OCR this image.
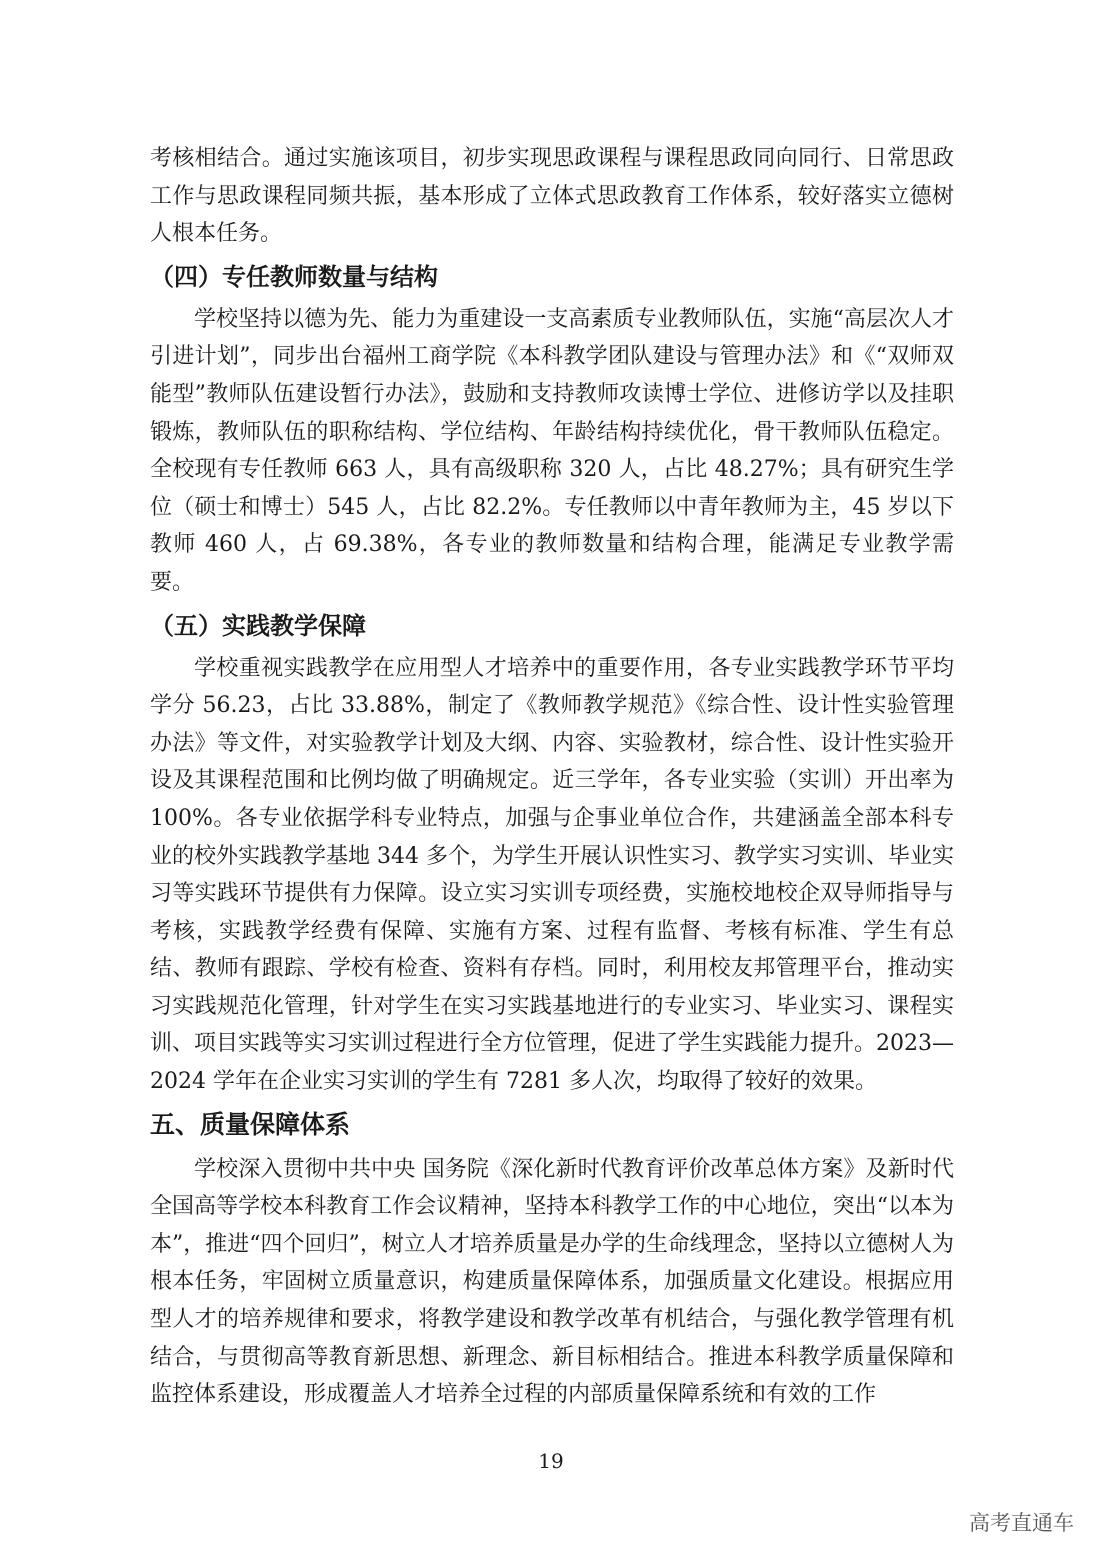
考核相结合。通过实施该项目，初步实现思政课程与课程思政同向同行、日常思政工作与思政课程同频共振，基本形成了立体式思政教育工作体系，较好落实立德树人根本任务。

（四）专任教师数量与结构

学校坚持以德为先、能力为重建设一支高素质专业教师队伍，实施“高层次人才引进计划”，同步出台福州工商学院《本科教学团队建设与管理办法》和《“双师双能型”教师队伍建设暂行办法》，鼓励和支持教师攻读博士学位、进修访学以及挂职锻炼，教师队伍的职称结构、学位结构、年龄结构持续优化，骨干教师队伍稳定。全校现有专任教师 663 人，具有高级职称 320 人，占比 48.27%；具有研究生学位（硕士和博士）545 人，占比 82.2%。专任教师以中青年教师为主，45 岁以下教师 460 人，占 69.38%，各专业的教师数量和结构合理，能满足专业教学需要。

（五）实践教学保障

学校重视实践教学在应用型人才培养中的重要作用，各专业实践教学环节平均学分 56.23，占比 33.88%，制定了《教师教学规范》《综合性、设计性实验管理办法》等文件，对实验教学计划及大纲、内容、实验教材，综合性、设计性实验开设及其课程范围和比例均做了明确规定。近三学年，各专业实验（实训）开出率为 100%。各专业依据学科专业特点，加强与企事业单位合作，共建涵盖全部本科专业的校外实践教学基地 344 多个，为学生开展认识性实习、教学实习实训、毕业实习等实践环节提供有力保障。设立实习实训专项经费，实施校地校企双导师指导与考核，实践教学经费有保障、实施有方案、过程有监督、考核有标准、学生有总结、教师有跟踪、学校有检查、资料有存档。同时，利用校友邦管理平台，推动实习实践规范化管理，针对学生在实习实践基地进行的专业实习、毕业实习、课程实训、项目实践等实习实训过程进行全方位管理，促进了学生实践能力提升。2023—2024 学年在企业实习实训的学生有 7281 多人次，均取得了较好的效果。

五、质量保障体系

学校深入贯彻中共中央 国务院《深化新时代教育评价改革总体方案》及新时代全国高等学校本科教育工作会议精神，坚持本科教学工作的中心地位，突出“以本为本”，推进“四个回归”，树立人才培养质量是办学的生命线理念，坚持以立德树人为根本任务，牢固树立质量意识，构建质量保障体系，加强质量文化建设。根据应用型人才的培养规律和要求，将教学建设和教学改革有机结合，与强化教学管理有机结合，与贯彻高等教育新思想、新理念、新目标相结合。推进本科教学质量保障和监控体系建设，形成覆盖人才培养全过程的内部质量保障系统和有效的工作

19
高考直通车
